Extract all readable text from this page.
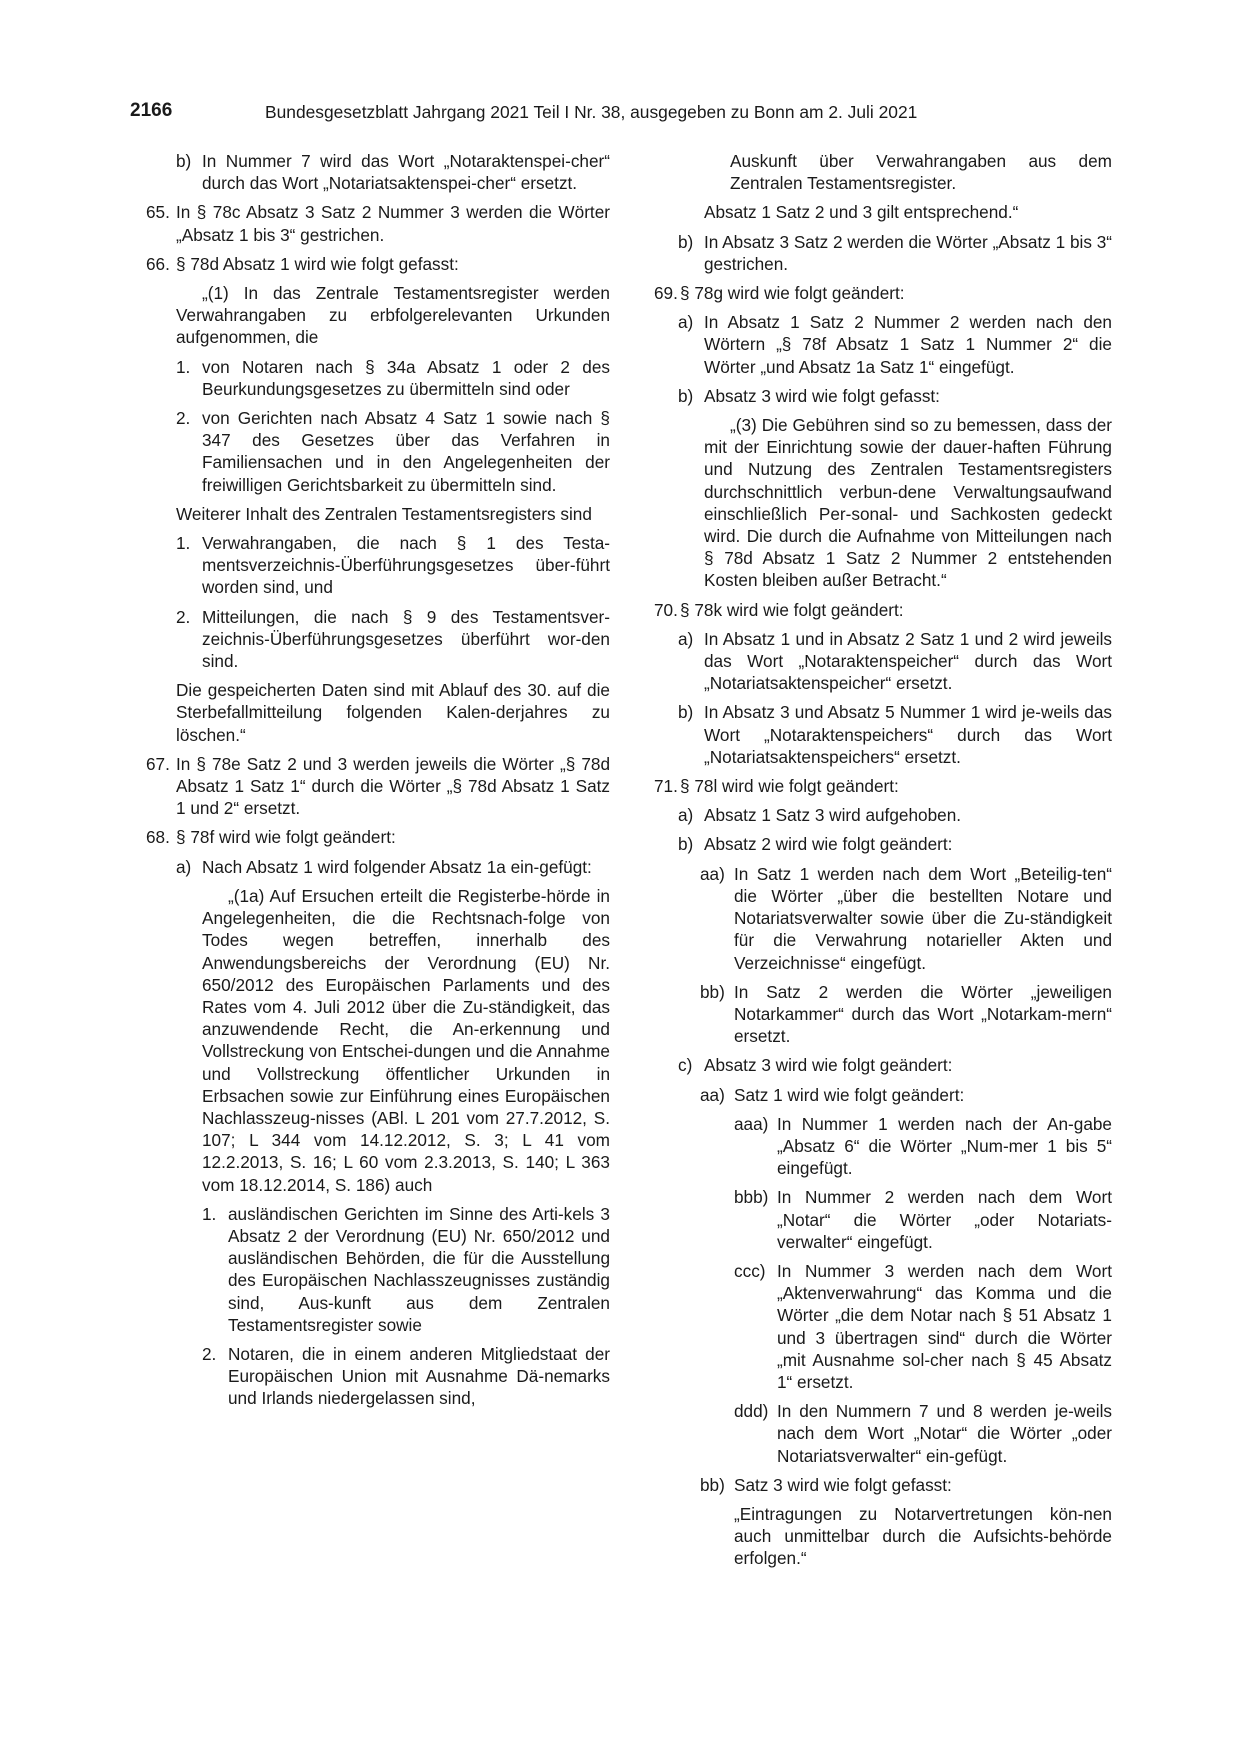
2166	Bundesgesetzblatt Jahrgang 2021 Teil I Nr. 38, ausgegeben zu Bonn am 2. Juli 2021
b) In Nummer 7 wird das Wort „Notaraktenspei-cher“ durch das Wort „Notariatsaktenspei-cher“ ersetzt.
65. In § 78c Absatz 3 Satz 2 Nummer 3 werden die Wörter „Absatz 1 bis 3“ gestrichen.
66. § 78d Absatz 1 wird wie folgt gefasst:
„(1) In das Zentrale Testamentsregister werden Verwahrangaben zu erbfolgerelevanten Urkunden aufgenommen, die
1. von Notaren nach § 34a Absatz 1 oder 2 des Beurkundungsgesetzes zu übermitteln sind oder
2. von Gerichten nach Absatz 4 Satz 1 sowie nach § 347 des Gesetzes über das Verfahren in Familiensachen und in den Angelegenheiten der freiwilligen Gerichtsbarkeit zu übermitteln sind.
Weiterer Inhalt des Zentralen Testamentsregisters sind
1. Verwahrangaben, die nach § 1 des Testa-mentsverzeichnis-Überführungsgesetzes über-führt worden sind, und
2. Mitteilungen, die nach § 9 des Testamentsver-zeichnis-Überführungsgesetzes überführt wor-den sind.
Die gespeicherten Daten sind mit Ablauf des 30. auf die Sterbefallmitteilung folgenden Kalen-derjahres zu löschen.“
67. In § 78e Satz 2 und 3 werden jeweils die Wörter „§ 78d Absatz 1 Satz 1“ durch die Wörter „§ 78d Absatz 1 Satz 1 und 2“ ersetzt.
68. § 78f wird wie folgt geändert:
a) Nach Absatz 1 wird folgender Absatz 1a ein-gefügt:
„(1a) Auf Ersuchen erteilt die Registerbe-hörde in Angelegenheiten, die die Rechtsnach-folge von Todes wegen betreffen, innerhalb des Anwendungsbereichs der Verordnung (EU) Nr. 650/2012 des Europäischen Parlaments und des Rates vom 4. Juli 2012 über die Zu-ständigkeit, das anzuwendende Recht, die An-erkennung und Vollstreckung von Entschei-dungen und die Annahme und Vollstreckung öffentlicher Urkunden in Erbsachen sowie zur Einführung eines Europäischen Nachlasszeug-nisses (ABl. L 201 vom 27.7.2012, S. 107; L 344 vom 14.12.2012, S. 3; L 41 vom 12.2.2013, S. 16; L 60 vom 2.3.2013, S. 140; L 363 vom 18.12.2014, S. 186) auch
1. ausländischen Gerichten im Sinne des Arti-kels 3 Absatz 2 der Verordnung (EU) Nr. 650/2012 und ausländischen Behörden, die für die Ausstellung des Europäischen Nachlasszeugnisses zuständig sind, Aus-kunft aus dem Zentralen Testamentsregister sowie
2. Notaren, die in einem anderen Mitgliedstaat der Europäischen Union mit Ausnahme Dä-nemarks und Irlands niedergelassen sind,
Auskunft über Verwahrangaben aus dem Zentralen Testamentsregister.
Absatz 1 Satz 2 und 3 gilt entsprechend.“
b) In Absatz 3 Satz 2 werden die Wörter „Absatz 1 bis 3“ gestrichen.
69. § 78g wird wie folgt geändert:
a) In Absatz 1 Satz 2 Nummer 2 werden nach den Wörtern „§ 78f Absatz 1 Satz 1 Nummer 2“ die Wörter „und Absatz 1a Satz 1“ eingefügt.
b) Absatz 3 wird wie folgt gefasst:
„(3) Die Gebühren sind so zu bemessen, dass der mit der Einrichtung sowie der dauer-haften Führung und Nutzung des Zentralen Testamentsregisters durchschnittlich verbun-dene Verwaltungsaufwand einschließlich Per-sonal- und Sachkosten gedeckt wird. Die durch die Aufnahme von Mitteilungen nach § 78d Absatz 1 Satz 2 Nummer 2 entstehenden Kosten bleiben außer Betracht.“
70. § 78k wird wie folgt geändert:
a) In Absatz 1 und in Absatz 2 Satz 1 und 2 wird jeweils das Wort „Notaraktenspeicher“ durch das Wort „Notariatsaktenspeicher“ ersetzt.
b) In Absatz 3 und Absatz 5 Nummer 1 wird je-weils das Wort „Notaraktenspeichers“ durch das Wort „Notariatsaktenspeichers“ ersetzt.
71. § 78l wird wie folgt geändert:
a) Absatz 1 Satz 3 wird aufgehoben.
b) Absatz 2 wird wie folgt geändert:
aa) In Satz 1 werden nach dem Wort „Beteilig-ten“ die Wörter „über die bestellten Notare und Notariatsverwalter sowie über die Zu-ständigkeit für die Verwahrung notarieller Akten und Verzeichnisse“ eingefügt.
bb) In Satz 2 werden die Wörter „jeweiligen Notarkammer“ durch das Wort „Notarkam-mern“ ersetzt.
c) Absatz 3 wird wie folgt geändert:
aa) Satz 1 wird wie folgt geändert:
aaa) In Nummer 1 werden nach der An-gabe „Absatz 6“ die Wörter „Num-mer 1 bis 5“ eingefügt.
bbb) In Nummer 2 werden nach dem Wort „Notar“ die Wörter „oder Notariats-verwalter“ eingefügt.
ccc) In Nummer 3 werden nach dem Wort „Aktenverwahrung“ das Komma und die Wörter „die dem Notar nach § 51 Absatz 1 und 3 übertragen sind“ durch die Wörter „mit Ausnahme sol-cher nach § 45 Absatz 1“ ersetzt.
ddd) In den Nummern 7 und 8 werden je-weils nach dem Wort „Notar“ die Wörter „oder Notariatsverwalter“ ein-gefügt.
bb) Satz 3 wird wie folgt gefasst:
„Eintragungen zu Notarvertretungen kön-nen auch unmittelbar durch die Aufsichts-behörde erfolgen.“
